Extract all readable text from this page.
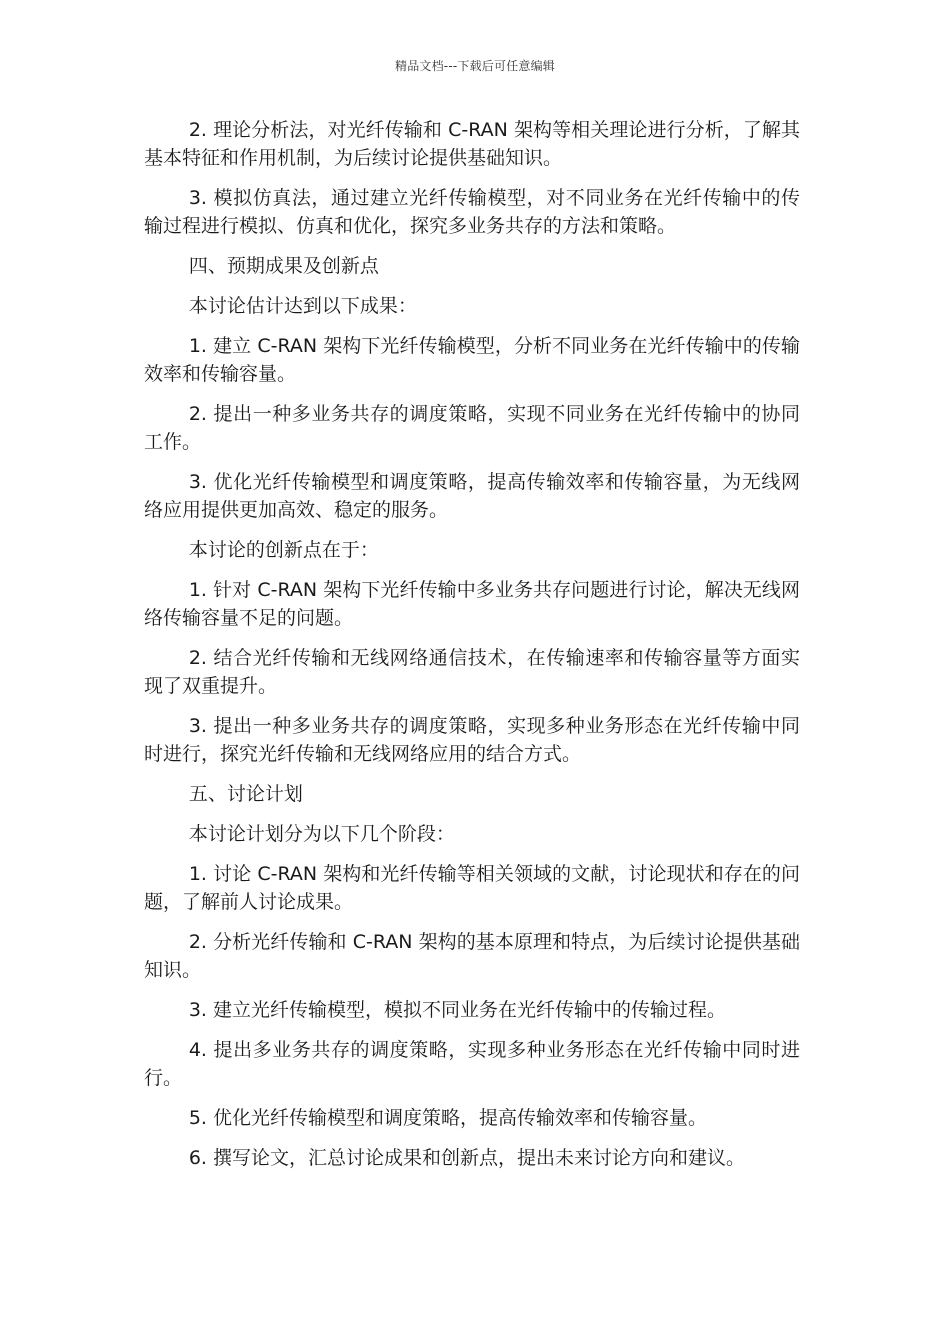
精品文档---下载后可任意编辑

2. 理论分析法，对光纤传输和 C-RAN 架构等相关理论进行分析，了解其基本特征和作用机制，为后续讨论提供基础知识。

3. 模拟仿真法，通过建立光纤传输模型，对不同业务在光纤传输中的传输过程进行模拟、仿真和优化，探究多业务共存的方法和策略。

四、预期成果及创新点

本讨论估计达到以下成果：

1. 建立 C-RAN 架构下光纤传输模型，分析不同业务在光纤传输中的传输效率和传输容量。

2. 提出一种多业务共存的调度策略，实现不同业务在光纤传输中的协同工作。

3. 优化光纤传输模型和调度策略，提高传输效率和传输容量，为无线网络应用提供更加高效、稳定的服务。

本讨论的创新点在于：

1. 针对 C-RAN 架构下光纤传输中多业务共存问题进行讨论，解决无线网络传输容量不足的问题。

2. 结合光纤传输和无线网络通信技术，在传输速率和传输容量等方面实现了双重提升。

3. 提出一种多业务共存的调度策略，实现多种业务形态在光纤传输中同时进行，探究光纤传输和无线网络应用的结合方式。

五、讨论计划

本讨论计划分为以下几个阶段：

1. 讨论 C-RAN 架构和光纤传输等相关领域的文献，讨论现状和存在的问题，了解前人讨论成果。

2. 分析光纤传输和 C-RAN 架构的基本原理和特点，为后续讨论提供基础知识。

3. 建立光纤传输模型，模拟不同业务在光纤传输中的传输过程。

4. 提出多业务共存的调度策略，实现多种业务形态在光纤传输中同时进行。

5. 优化光纤传输模型和调度策略，提高传输效率和传输容量。

6. 撰写论文，汇总讨论成果和创新点，提出未来讨论方向和建议。
